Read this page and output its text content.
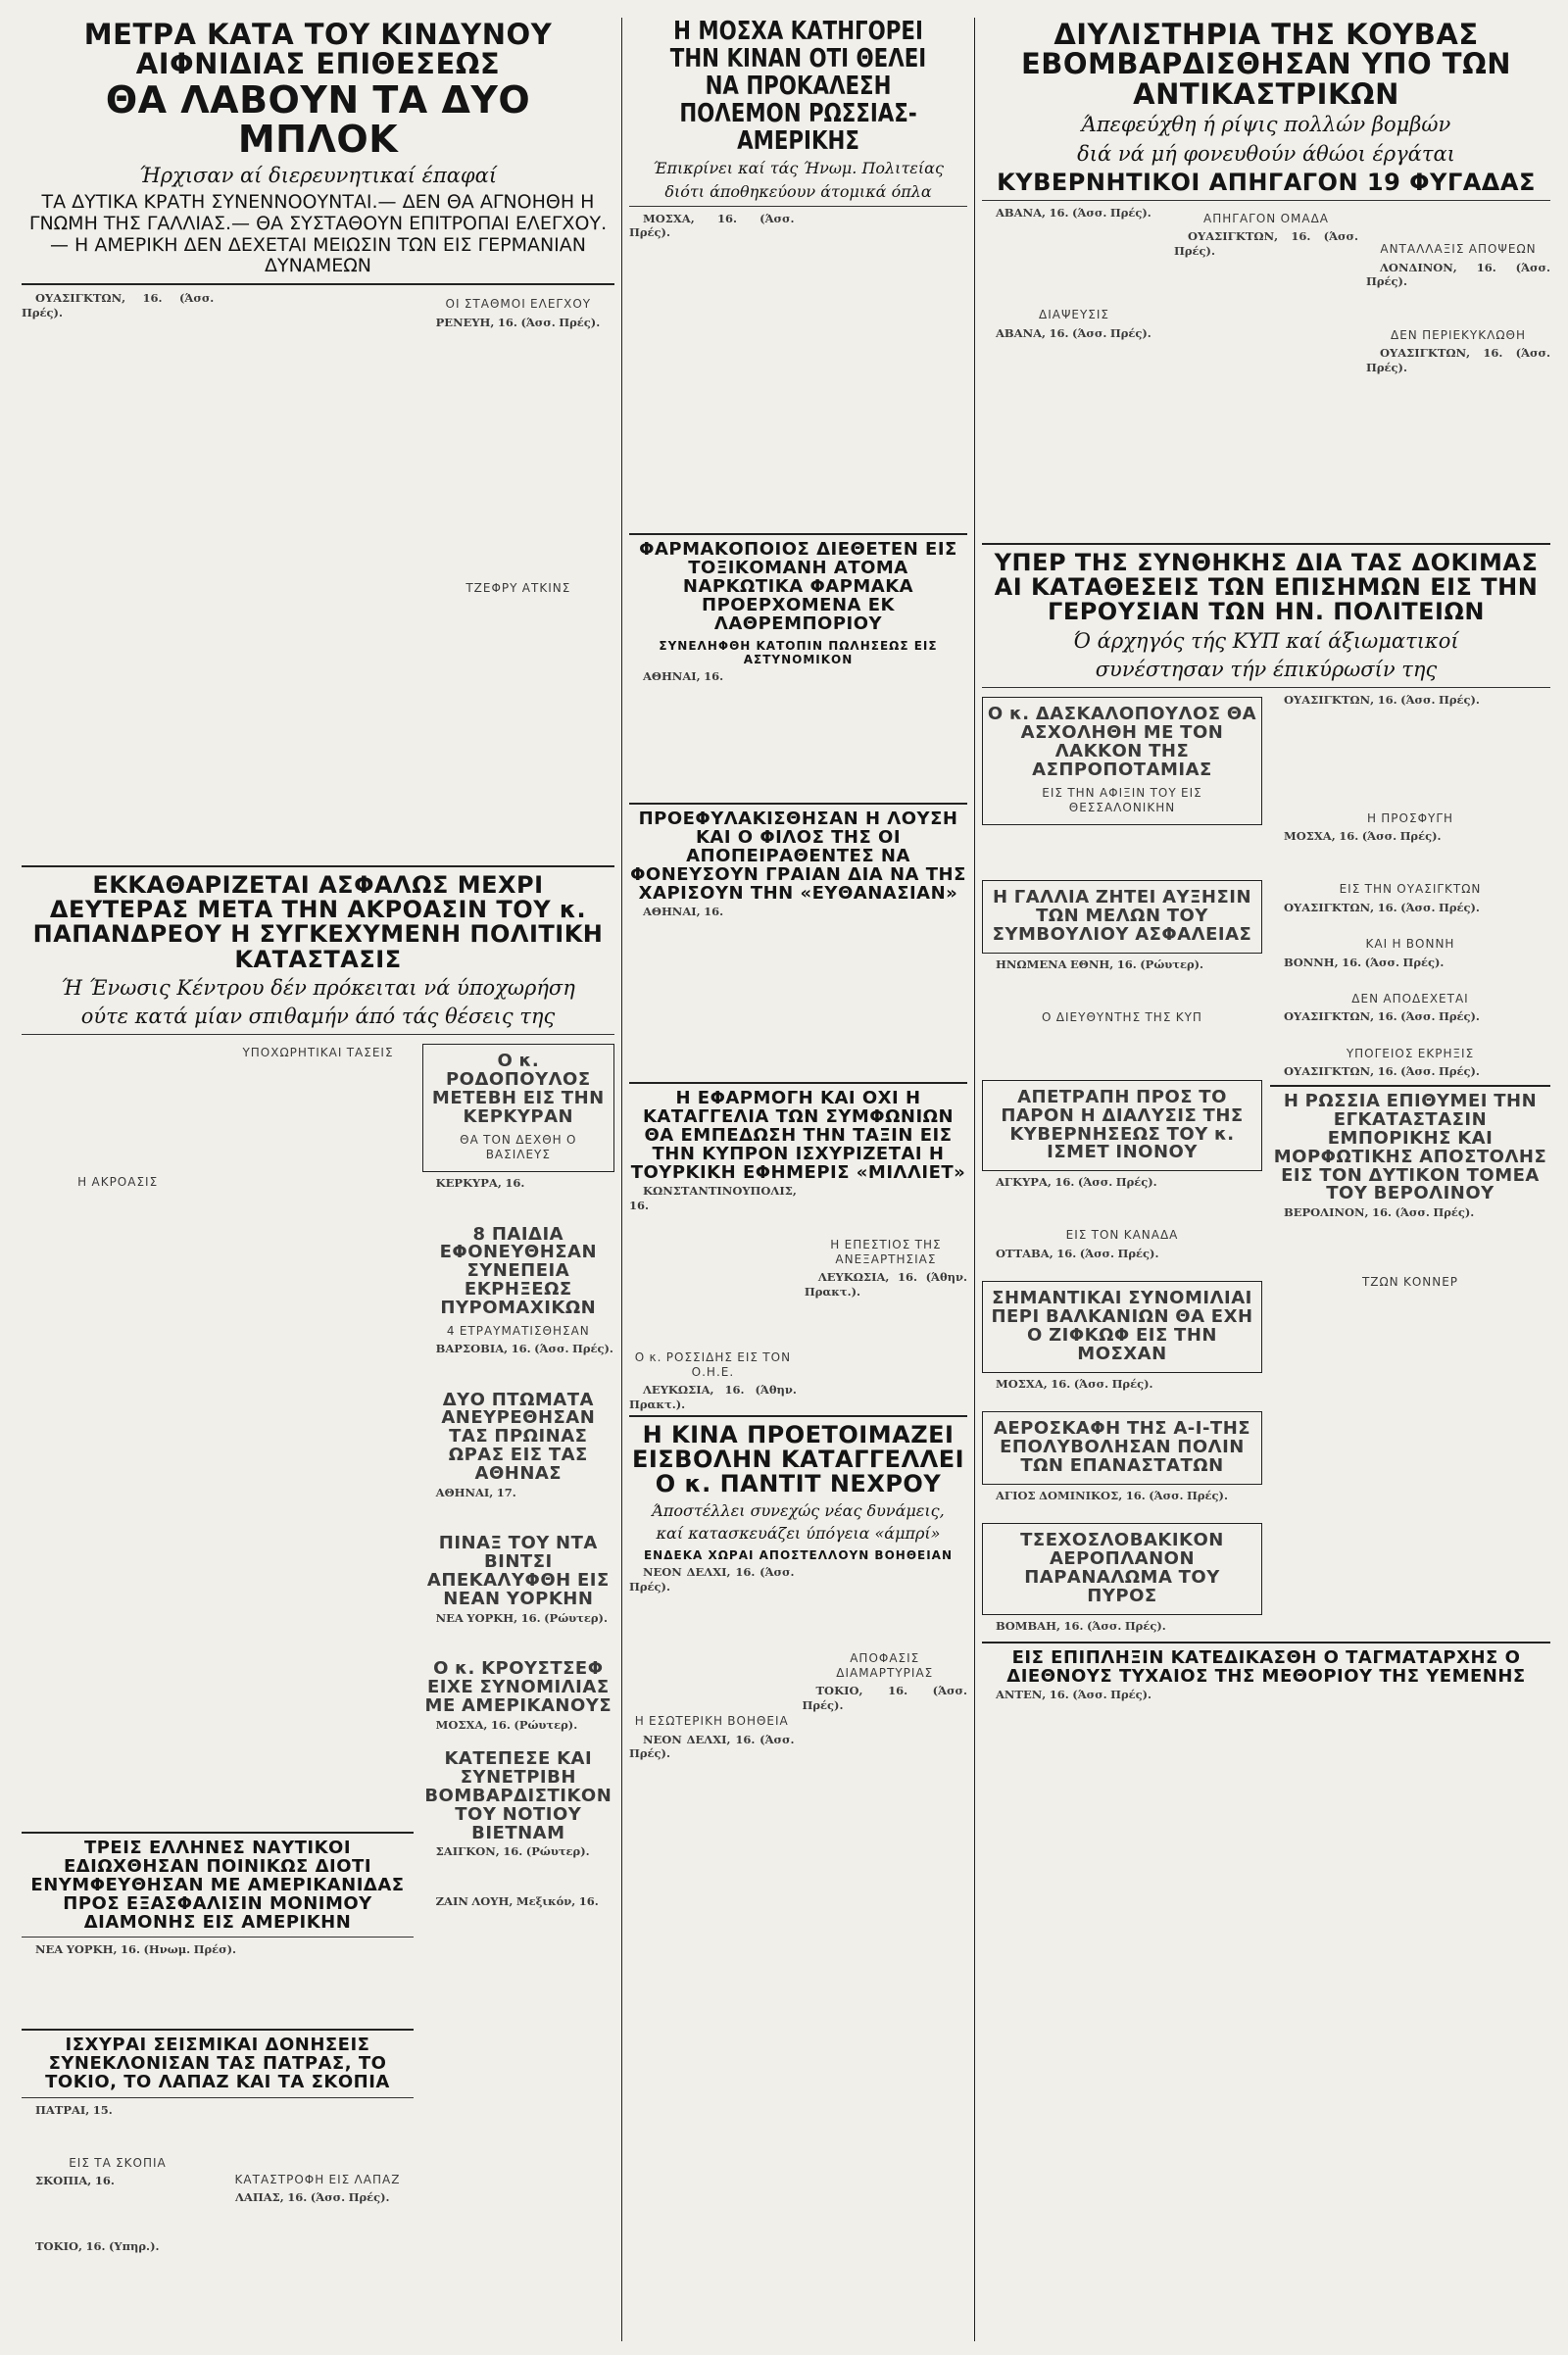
ΜΕΤΡΑ ΚΑΤΑ ΤΟΥ ΚΙΝΔΥΝΟΥ ΑΙΦΝΙΔΙΑΣ ΕΠΙΘΕΣΕΩΣ
ΘΑ ΛΑΒΟΥΝ ΤΑ ΔΥΟ ΜΠΛΟΚ
Ήρχισαν αί διερευνητικαί έπαφαί
ΤΑ ΔΥΤΙΚΑ ΚΡΑΤΗ ΣΥΝΕΝΝΟΟΥΝΤΑΙ.— ΔΕΝ ΘΑ ΑΓΝΟΗΘΗ Η ΓΝΩΜΗ ΤΗΣ ΓΑΛΛΙΑΣ.— ΘΑ ΣΥΣΤΑΘΟΥΝ ΕΠΙΤΡΟΠΑΙ ΕΛΕΓΧΟΥ.— Η ΑΜΕΡΙΚΗ ΔΕΝ ΔΕΧΕΤΑΙ ΜΕΙΩΣΙΝ ΤΩΝ ΕΙΣ ΓΕΡΜΑΝΙΑΝ ΔΥΝΑΜΕΩΝ

ΟΥΑΣΙΓΚΤΩΝ, 16. (Άσσ. Πρές).

ΟΙ ΣΤΑΘΜΟΙ ΕΛΕΓΧΟΥ

ΡΕΝΕΥΗ, 16. (Άσσ. Πρές).

ΤΖΕΦΡΥ ΑΤΚΙΝΣ
ΕΚΚΑΘΑΡΙΖΕΤΑΙ ΑΣΦΑΛΩΣ ΜΕΧΡΙ ΔΕΥΤΕΡΑΣ ΜΕΤΑ ΤΗΝ ΑΚΡΟΑΣΙΝ ΤΟΥ κ. ΠΑΠΑΝΔΡΕΟΥ Η ΣΥΓΚΕΧΥΜΕΝΗ ΠΟΛΙΤΙΚΗ ΚΑΤΑΣΤΑΣΙΣ
Ή Ένωσις Κέντρου δέν πρόκειται νά ύποχωρήση
ούτε κατά μίαν σπιθαμήν άπό τάς θέσεις της

Η ΑΚΡΟΑΣΙΣ

ΥΠΟΧΩΡΗΤΙΚΑΙ ΤΑΣΕΙΣ

	Ο κ. ΡΟΔΟΠΟΥΛΟΣ ΜΕΤΕΒΗ ΕΙΣ ΤΗΝ ΚΕΡΚΥΡΑΝ
ΘΑ ΤΟΝ ΔΕΧΘΗ Ο ΒΑΣΙΛΕΥΣ

ΚΕΡΚΥΡΑ, 16.

8 ΠΑΙΔΙΑ ΕΦΟΝΕΥΘΗΣΑΝ ΣΥΝΕΠΕΙΑ ΕΚΡΗΞΕΩΣ ΠΥΡΟΜΑΧΙΚΩΝ
4 ΕΤΡΑΥΜΑΤΙΣΘΗΣΑΝ

ΒΑΡΣΟΒΙΑ, 16. (Άσσ. Πρές).

ΔΥΟ ΠΤΩΜΑΤΑ ΑΝΕΥΡΕΘΗΣΑΝ ΤΑΣ ΠΡΩΙΝΑΣ ΩΡΑΣ ΕΙΣ ΤΑΣ ΑΘΗΝΑΣ

ΑΘΗΝΑΙ, 17.

ΠΙΝΑΞ ΤΟΥ ΝΤΑ ΒΙΝΤΣΙ ΑΠΕΚΑΛΥΦΘΗ ΕΙΣ ΝΕΑΝ ΥΟΡΚΗΝ

ΝΕΑ ΥΟΡΚΗ, 16. (Ρώυτερ).

Ο κ. ΚΡΟΥΣΤΣΕΦ ΕΙΧΕ ΣΥΝΟΜΙΛΙΑΣ ΜΕ ΑΜΕΡΙΚΑΝΟΥΣ

ΜΟΣΧΑ, 16. (Ρώυτερ).

ΚΑΤΕΠΕΣΕ ΚΑΙ ΣΥΝΕΤΡΙΒΗ ΒΟΜΒΑΡΔΙΣΤΙΚΟΝ ΤΟΥ ΝΟΤΙΟΥ ΒΙΕΤΝΑΜ

ΣΑΙΓΚΟΝ, 16. (Ρώυτερ).

ΖΑΙΝ ΛΟΥΗ, Μεξικόν, 16.

ΤΡΕΙΣ ΕΛΛΗΝΕΣ ΝΑΥΤΙΚΟΙ ΕΔΙΩΧΘΗΣΑΝ ΠΟΙΝΙΚΩΣ ΔΙΟΤΙ ΕΝΥΜΦΕΥΘΗΣΑΝ ΜΕ ΑΜΕΡΙΚΑΝΙΔΑΣ ΠΡΟΣ ΕΞΑΣΦΑΛΙΣΙΝ ΜΟΝΙΜΟΥ ΔΙΑΜΟΝΗΣ ΕΙΣ ΑΜΕΡΙΚΗΝ

ΝΕΑ ΥΟΡΚΗ, 16. (Ηνωμ. Πρέσ).

ΙΣΧΥΡΑΙ ΣΕΙΣΜΙΚΑΙ ΔΟΝΗΣΕΙΣ ΣΥΝΕΚΛΟΝΙΣΑΝ ΤΑΣ ΠΑΤΡΑΣ, ΤΟ ΤΟΚΙΟ, ΤΟ ΛΑΠΑΖ ΚΑΙ ΤΑ ΣΚΟΠΙΑ

ΠΑΤΡΑΙ, 15.

ΕΙΣ ΤΑ ΣΚΟΠΙΑ

ΣΚΟΠΙΑ, 16.

ΤΟΚΙΟ, 16. (Υπηρ.).

ΚΑΤΑΣΤΡΟΦΗ ΕΙΣ ΛΑΠΑΖ

ΛΑΠΑΣ, 16. (Άσσ. Πρές).

Η ΜΟΣΧΑ ΚΑΤΗΓΟΡΕΙ ΤΗΝ ΚΙΝΑΝ ΟΤΙ ΘΕΛΕΙ ΝΑ ΠΡΟΚΑΛΕΣΗ ΠΟΛΕΜΟΝ ΡΩΣΣΙΑΣ-ΑΜΕΡΙΚΗΣ
Έπικρίνει καί τάς Ήνωμ. Πολιτείας
διότι άποθηκεύουν άτομικά όπλα

ΜΟΣΧΑ, 16. (Άσσ. Πρές).

ΦΑΡΜΑΚΟΠΟΙΟΣ ΔΙΕΘΕΤΕΝ ΕΙΣ ΤΟΞΙΚΟΜΑΝΗ ΑΤΟΜΑ ΝΑΡΚΩΤΙΚΑ ΦΑΡΜΑΚΑ ΠΡΟΕΡΧΟΜΕΝΑ ΕΚ ΛΑΘΡΕΜΠΟΡΙΟΥ
ΣΥΝΕΛΗΦΘΗ ΚΑΤΟΠΙΝ ΠΩΛΗΣΕΩΣ ΕΙΣ ΑΣΤΥΝΟΜΙΚΟΝ

ΑΘΗΝΑΙ, 16.

ΠΡΟΕΦΥΛΑΚΙΣΘΗΣΑΝ Η ΛΟΥΣΗ ΚΑΙ Ο ΦΙΛΟΣ ΤΗΣ ΟΙ ΑΠΟΠΕΙΡΑΘΕΝΤΕΣ ΝΑ ΦΟΝΕΥΣΟΥΝ ΓΡΑΙΑΝ ΔΙΑ ΝΑ ΤΗΣ ΧΑΡΙΣΟΥΝ ΤΗΝ «ΕΥΘΑΝΑΣΙΑΝ»

ΑΘΗΝΑΙ, 16.

Η ΕΦΑΡΜΟΓΗ ΚΑΙ ΟΧΙ Η ΚΑΤΑΓΓΕΛΙΑ ΤΩΝ ΣΥΜΦΩΝΙΩΝ ΘΑ ΕΜΠΕΔΩΣΗ ΤΗΝ ΤΑΞΙΝ ΕΙΣ ΤΗΝ ΚΥΠΡΟΝ ΙΣΧΥΡΙΖΕΤΑΙ Η ΤΟΥΡΚΙΚΗ ΕΦΗΜΕΡΙΣ «ΜΙΛΛΙΕΤ»

ΚΩΝΣΤΑΝΤΙΝΟΥΠΟΛΙΣ, 16.

Ο κ. ΡΟΣΣΙΔΗΣ ΕΙΣ ΤΟΝ Ο.Η.Ε.

ΛΕΥΚΩΣΙΑ, 16. (Άθην. Πρακτ.).

Η ΕΠΕΣΤΙΟΣ ΤΗΣ ΑΝΕΞΑΡΤΗΣΙΑΣ

ΛΕΥΚΩΣΙΑ, 16. (Άθην. Πρακτ.).

Η ΚΙΝΑ ΠΡΟΕΤΟΙΜΑΖΕΙ ΕΙΣΒΟΛΗΝ ΚΑΤΑΓΓΕΛΛΕΙ Ο κ. ΠΑΝΤΙΤ ΝΕΧΡΟΥ
Άποστέλλει συνεχώς νέας δυνάμεις,
καί κατασκευάζει ύπόγεια «άμπρί»
ΕΝΔΕΚΑ ΧΩΡΑΙ ΑΠΟΣΤΕΛΛΟΥΝ ΒΟΗΘΕΙΑΝ

ΝΕΟΝ ΔΕΛΧΙ, 16. (Άσσ. Πρές).

Η ΕΣΩΤΕΡΙΚΗ ΒΟΗΘΕΙΑ

ΝΕΟΝ ΔΕΛΧΙ, 16. (Άσσ. Πρές).

ΑΠΟΦΑΣΙΣ ΔΙΑΜΑΡΤΥΡΙΑΣ

ΤΟΚΙΟ, 16. (Άσσ. Πρές).

ΔΙΥΛΙΣΤΗΡΙΑ ΤΗΣ ΚΟΥΒΑΣ ΕΒΟΜΒΑΡΔΙΣΘΗΣΑΝ ΥΠΟ ΤΩΝ ΑΝΤΙΚΑΣΤΡΙΚΩΝ
Άπεφεύχθη ή ρίψις πολλών βομβών
διά νά μή φονευθούν άθώοι έργάται
ΚΥΒΕΡΝΗΤΙΚΟΙ ΑΠΗΓΑΓΟΝ 19 ΦΥΓΑΔΑΣ

ΑΒΑΝΑ, 16. (Άσσ. Πρές).

ΔΙΑΨΕΥΣΙΣ

ΑΒΑΝΑ, 16. (Άσσ. Πρές).

ΑΠΗΓΑΓΟΝ ΟΜΑΔΑ

ΟΥΑΣΙΓΚΤΩΝ, 16. (Άσσ. Πρές).

	ΑΝΤΑΛΛΑΞΙΣ ΑΠΟΨΕΩΝ

ΛΟΝΔΙΝΟΝ, 16. (Άσσ. Πρές).

ΔΕΝ ΠΕΡΙΕΚΥΚΛΩΘΗ

ΟΥΑΣΙΓΚΤΩΝ, 16. (Άσσ. Πρές).

ΥΠΕΡ ΤΗΣ ΣΥΝΘΗΚΗΣ ΔΙΑ ΤΑΣ ΔΟΚΙΜΑΣ ΑΙ ΚΑΤΑΘΕΣΕΙΣ ΤΩΝ ΕΠΙΣΗΜΩΝ ΕΙΣ ΤΗΝ ΓΕΡΟΥΣΙΑΝ ΤΩΝ ΗΝ. ΠΟΛΙΤΕΙΩΝ
Ό άρχηγός τής ΚΥΠ καί άξιωματικοί
συνέστησαν τήν έπικύρωσίν της
Ο κ. ΔΑΣΚΑΛΟΠΟΥΛΟΣ ΘΑ ΑΣΧΟΛΗΘΗ ΜΕ ΤΟΝ ΛΑΚΚΟΝ ΤΗΣ ΑΣΠΡΟΠΟΤΑΜΙΑΣ
ΕΙΣ ΤΗΝ ΑΦΙΞΙΝ ΤΟΥ ΕΙΣ ΘΕΣΣΑΛΟΝΙΚΗΝ

Η ΓΑΛΛΙΑ ΖΗΤΕΙ ΑΥΞΗΣΙΝ ΤΩΝ ΜΕΛΩΝ ΤΟΥ ΣΥΜΒΟΥΛΙΟΥ ΑΣΦΑΛΕΙΑΣ

ΗΝΩΜΕΝΑ ΕΘΝΗ, 16. (Ρώυτερ).

Ο ΔΙΕΥΘΥΝΤΗΣ ΤΗΣ ΚΥΠ

ΑΠΕΤΡΑΠΗ ΠΡΟΣ ΤΟ ΠΑΡΟΝ Η ΔΙΑΛΥΣΙΣ ΤΗΣ ΚΥΒΕΡΝΗΣΕΩΣ ΤΟΥ κ. ΙΣΜΕΤ ΙΝΟΝΟΥ

ΑΓΚΥΡΑ, 16. (Άσσ. Πρές).

ΕΙΣ ΤΟΝ ΚΑΝΑΔΑ

ΟΤΤΑΒΑ, 16. (Άσσ. Πρές).

ΣΗΜΑΝΤΙΚΑΙ ΣΥΝΟΜΙΛΙΑΙ ΠΕΡΙ ΒΑΛΚΑΝΙΩΝ ΘΑ ΕΧΗ Ο ΖΙΦΚΩΦ ΕΙΣ ΤΗΝ ΜΟΣΧΑΝ

ΜΟΣΧΑ, 16. (Άσσ. Πρές).

ΑΕΡΟΣΚΑΦΗ ΤΗΣ Α-Ι-ΤΗΣ ΕΠΟΛΥΒΟΛΗΣΑΝ ΠΟΛΙΝ ΤΩΝ ΕΠΑΝΑΣΤΑΤΩΝ

ΑΓΙΟΣ ΔΟΜΙΝΙΚΟΣ, 16. (Άσσ. Πρές).

ΤΣΕΧΟΣΛΟΒΑΚΙΚΟΝ ΑΕΡΟΠΛΑΝΟΝ ΠΑΡΑΝΑΛΩΜΑ ΤΟΥ ΠΥΡΟΣ

ΒΟΜΒΑΗ, 16. (Άσσ. Πρές).

ΟΥΑΣΙΓΚΤΩΝ, 16. (Άσσ. Πρές).

Η ΠΡΟΣΦΥΓΗ

ΜΟΣΧΑ, 16. (Άσσ. Πρές).

ΕΙΣ ΤΗΝ ΟΥΑΣΙΓΚΤΩΝ

ΟΥΑΣΙΓΚΤΩΝ, 16. (Άσσ. Πρές).

ΚΑΙ Η ΒΟΝΝΗ

ΒΟΝΝΗ, 16. (Άσσ. Πρές).

ΔΕΝ ΑΠΟΔΕΧΕΤΑΙ

ΟΥΑΣΙΓΚΤΩΝ, 16. (Άσσ. Πρές).

ΥΠΟΓΕΙΟΣ ΕΚΡΗΞΙΣ

ΟΥΑΣΙΓΚΤΩΝ, 16. (Άσσ. Πρές).

Η ΡΩΣΣΙΑ ΕΠΙΘΥΜΕΙ ΤΗΝ ΕΓΚΑΤΑΣΤΑΣΙΝ ΕΜΠΟΡΙΚΗΣ ΚΑΙ ΜΟΡΦΩΤΙΚΗΣ ΑΠΟΣΤΟΛΗΣ ΕΙΣ ΤΟΝ ΔΥΤΙΚΟΝ ΤΟΜΕΑ ΤΟΥ ΒΕΡΟΛΙΝΟΥ

ΒΕΡΟΛΙΝΟΝ, 16. (Άσσ. Πρές).

ΤΖΩΝ ΚΟΝΝΕΡ
ΕΙΣ ΕΠΙΠΛΗΞΙΝ ΚΑΤΕΔΙΚΑΣΘΗ Ο ΤΑΓΜΑΤΑΡΧΗΣ Ο ΔΙΕΘΝΟΥΣ ΤΥΧΑΙΟΣ ΤΗΣ ΜΕΘΟΡΙΟΥ ΤΗΣ ΥΕΜΕΝΗΣ

ΑΝΤΕΝ, 16. (Άσσ. Πρές).
